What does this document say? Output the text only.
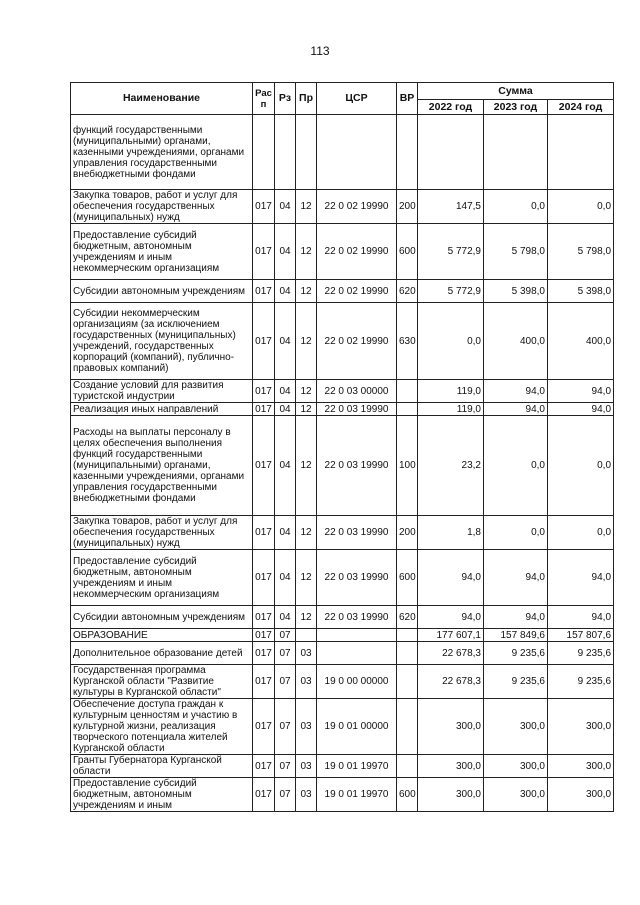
113
Наименование	Рас п	Рз	Пр	ЦСР	ВР	Сумма		
						2022 год	2023 год	2024 год
функций государственными (муниципальными) органами, казенными учреждениями, органами управления государственными внебюджетными фондами								
Закупка товаров, работ и услуг для обеспечения государственных (муниципальных) нужд	017	04	12	22 0 02 19990	200	147,5	0,0	0,0
Предоставление субсидий бюджетным, автономным учреждениям и иным некоммерческим организациям	017	04	12	22 0 02 19990	600	5 772,9	5 798,0	5 798,0
Субсидии автономным учреждениям	017	04	12	22 0 02 19990	620	5 772,9	5 398,0	5 398,0
Субсидии некоммерческим организациям (за исключением государственных (муниципальных) учреждений, государственных корпораций (компаний), публично-правовых компаний)	017	04	12	22 0 02 19990	630	0,0	400,0	400,0
Создание условий для развития туристской индустрии	017	04	12	22 0 03 00000		119,0	94,0	94,0
Реализация иных направлений	017	04	12	22 0 03 19990		119,0	94,0	94,0
Расходы на выплаты персоналу в целях обеспечения выполнения функций государственными (муниципальными) органами, казенными учреждениями, органами управления государственными внебюджетными фондами	017	04	12	22 0 03 19990	100	23,2	0,0	0,0
Закупка товаров, работ и услуг для обеспечения государственных (муниципальных) нужд	017	04	12	22 0 03 19990	200	1,8	0,0	0,0
Предоставление субсидий бюджетным, автономным учреждениям и иным некоммерческим организациям	017	04	12	22 0 03 19990	600	94,0	94,0	94,0
Субсидии автономным учреждениям	017	04	12	22 0 03 19990	620	94,0	94,0	94,0
ОБРАЗОВАНИЕ	017	07				177 607,1	157 849,6	157 807,6
Дополнительное образование детей	017	07	03			22 678,3	9 235,6	9 235,6
Государственная программа Курганской области "Развитие культуры в Курганской области"	017	07	03	19 0 00 00000		22 678,3	9 235,6	9 235,6
Обеспечение доступа граждан к культурным ценностям и участию в культурной жизни, реализация творческого потенциала жителей Курганской области	017	07	03	19 0 01 00000		300,0	300,0	300,0
Гранты Губернатора Курганской области	017	07	03	19 0 01 19970		300,0	300,0	300,0
Предоставление субсидий бюджетным, автономным учреждениям и иным	017	07	03	19 0 01 19970	600	300,0	300,0	300,0
